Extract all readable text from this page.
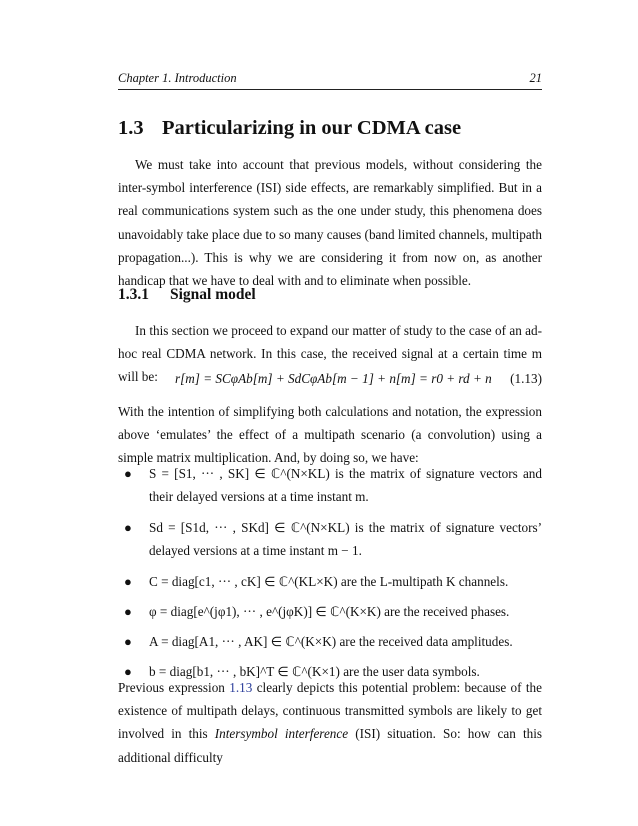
Chapter 1. Introduction	21
1.3 Particularizing in our CDMA case

We must take into account that previous models, without considering the inter-symbol interference (ISI) side effects, are remarkably simplified. But in a real communications system such as the one under study, this phenomena does unavoidably take place due to so many causes (band limited channels, multipath propagation...). This is why we are considering it from now on, as another handicap that we have to deal with and to eliminate when possible.

1.3.1 Signal model

In this section we proceed to expand our matter of study to the case of an ad-hoc real CDMA network. In this case, the received signal at a certain time m will be:	r[m] = SCφAb[m] + SdCφAb[m − 1] + n[m] = r0 + rd + n (1.13)

With the intention of simplifying both calculations and notation, the expression above ‘emulates’ the effect of a multipath scenario (a convolution) using a simple matrix multiplication. And, by doing so, we have:

● S = [S1, ··· , SK] ∈ ℂ^(N×KL) is the matrix of signature vectors and their delayed versions at a time instant m.
● Sd = [S1d, ··· , SKd] ∈ ℂ^(N×KL) is the matrix of signature vectors’ delayed versions at a time instant m − 1.
● C = diag[c1, ··· , cK] ∈ ℂ^(KL×K) are the L-multipath K channels.
● φ = diag[e^(jφ1), ··· , e^(jφK)] ∈ ℂ^(K×K) are the received phases.
● A = diag[A1, ··· , AK] ∈ ℂ^(K×K) are the received data amplitudes.
● b = diag[b1, ··· , bK]^T ∈ ℂ^(K×1) are the user data symbols.

Previous expression 1.13 clearly depicts this potential problem: because of the existence of multipath delays, continuous transmitted symbols are likely to get involved in this Intersymbol interference (ISI) situation. So: how can this additional difficulty
